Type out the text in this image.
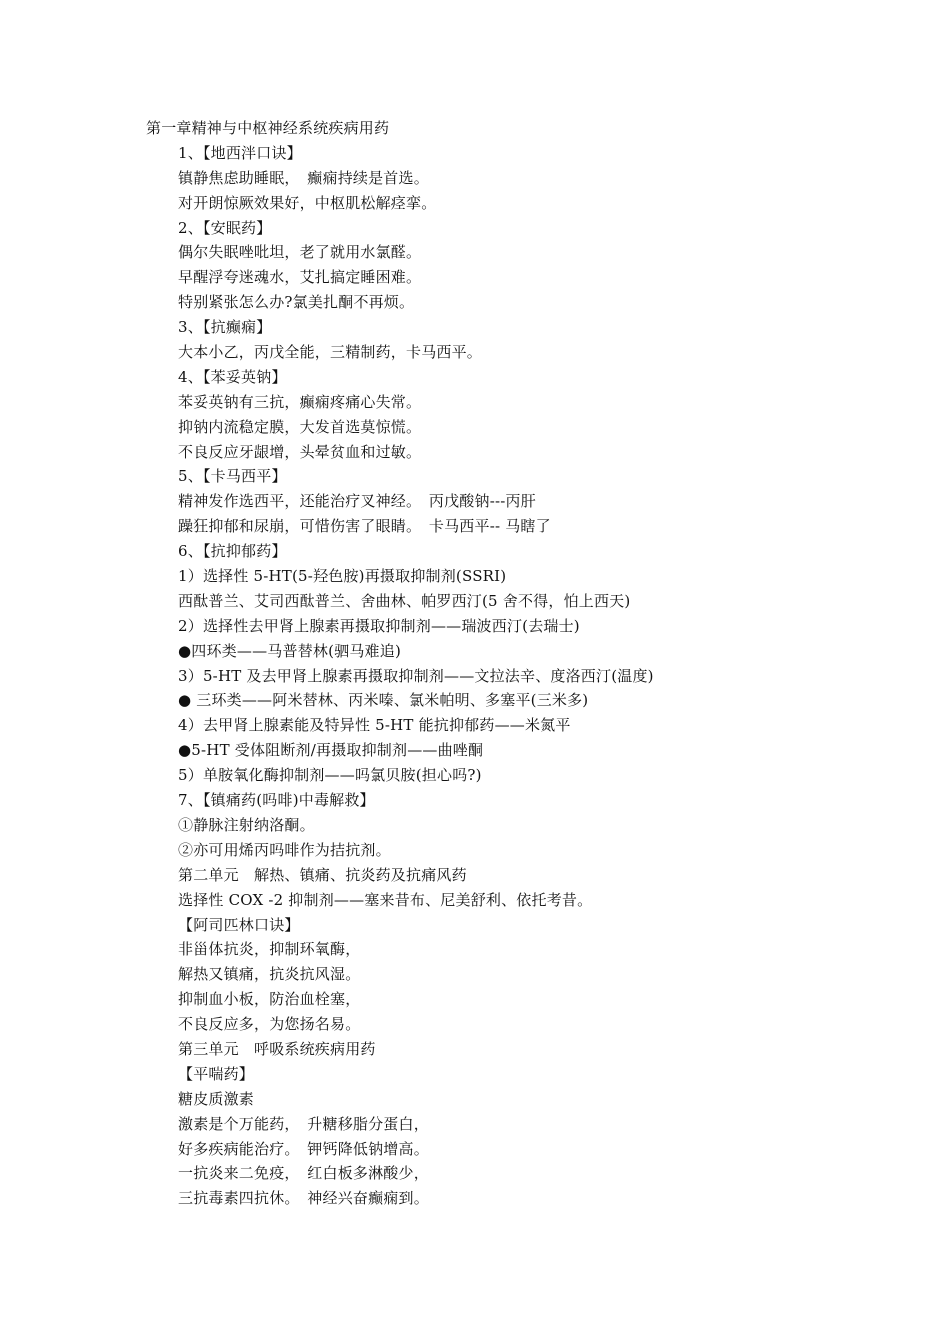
第一章精神与中枢神经系统疾病用药
1、【地西泮口诀】
镇静焦虑助睡眠，　癫痫持续是首选。
对开朗惊厥效果好，中枢肌松解痉挛。
2、【安眠药】
偶尔失眠唑吡坦，老了就用水氯醛。
早醒浮夸迷魂水，艾扎搞定睡困难。
特别紧张怎么办?氯美扎酮不再烦。
3、【抗癫痫】
大本小乙，丙戊全能，三精制药，卡马西平。
4、【苯妥英钠】
苯妥英钠有三抗，癫痫疼痛心失常。
抑钠内流稳定膜，大发首选莫惊慌。
不良反应牙龈增，头晕贫血和过敏。
5、【卡马西平】
精神发作选西平，还能治疗叉神经。　丙戊酸钠---丙肝
躁狂抑郁和尿崩，可惜伤害了眼睛。　卡马西平-- 马瞎了
6、【抗抑郁药】
1）选择性 5-HT(5-羟色胺)再摄取抑制剂(SSRI)
西酞普兰、艾司西酞普兰、舍曲林、帕罗西汀(5 舍不得，怕上西天)
2）选择性去甲肾上腺素再摄取抑制剂——瑞波西汀(去瑞士)
●四环类——马普替林(驷马难追)
3）5-HT 及去甲肾上腺素再摄取抑制剂——文拉法辛、度洛西汀(温度)
● 三环类——阿米替林、丙米嗪、氯米帕明、多塞平(三米多)
4）去甲肾上腺素能及特异性 5-HT 能抗抑郁药——米氮平
●5-HT 受体阻断剂/再摄取抑制剂——曲唑酮
5）单胺氧化酶抑制剂——吗氯贝胺(担心吗?)
7、【镇痛药(吗啡)中毒解救】
①静脉注射纳洛酮。
②亦可用烯丙吗啡作为拮抗剂。
第二单元　解热、镇痛、抗炎药及抗痛风药
选择性 COX -2 抑制剂——塞来昔布、尼美舒利、依托考昔。
【阿司匹林口诀】
非甾体抗炎，抑制环氧酶，
解热又镇痛，抗炎抗风湿。
抑制血小板，防治血栓塞，
不良反应多，为您扬名易。
第三单元　呼吸系统疾病用药
【平喘药】
糖皮质激素
激素是个万能药，　升糖移脂分蛋白，
好多疾病能治疗。　钾钙降低钠增高。
一抗炎来二免疫，　红白板多淋酸少，
三抗毒素四抗休。　神经兴奋癫痫到。
